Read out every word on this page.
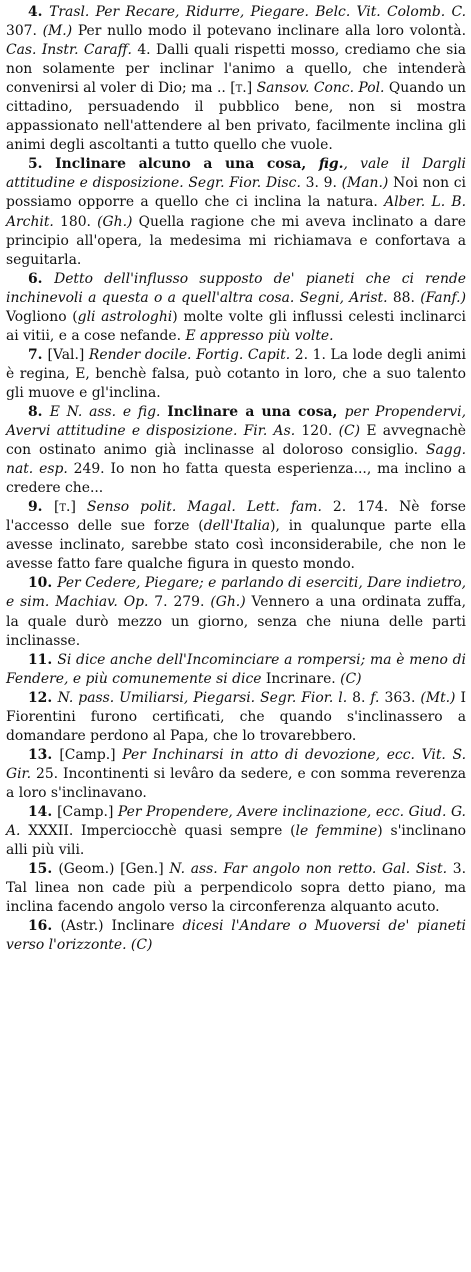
4. Trasl. Per Recare, Ridurre, Piegare. Belc. Vit. Colomb. C. 307. (M.) Per nullo modo il potevano inclinare alla loro volontà. Cas. Instr. Caraff. 4. Dalli quali rispetti mosso, crediamo che sia non solamente per inclinar l'animo a quello, che intenderà convenirsi al voler di Dio; ma .. [t.] Sansov. Conc. Pol. Quando un cittadino, persuadendo il pubblico bene, non si mostra appassionato nell'attendere al ben privato, facilmente inclina gli animi degli ascoltanti a tutto quello che vuole.

5. Inclinare alcuno a una cosa, fig., vale il Dargli attitudine e disposizione. Segr. Fior. Disc. 3. 9. (Man.) Noi non ci possiamo opporre a quello che ci inclina la natura. Alber. L. B. Archit. 180. (Gh.) Quella ragione che mi aveva inclinato a dare principio all'opera, la medesima mi richiamava e confortava a seguitarla.

6. Detto dell'influsso supposto de' pianeti che ci rende inchinevoli a questa o a quell'altra cosa. Segni, Arist. 88. (Fanf.) Vogliono (gli astrologhi) molte volte gli influssi celesti inclinarci ai vitii, e a cose nefande. E appresso più volte.

7. [Val.] Render docile. Fortig. Capit. 2. 1. La lode degli animi è regina, E, benchè falsa, può cotanto in loro, che a suo talento gli muove e gl'inclina.

8. E N. ass. e fig. Inclinare a una cosa, per Propendervi, Avervi attitudine e disposizione. Fir. As. 120. (C) E avvegnachè con ostinato animo già inclinasse al doloroso consiglio. Sagg. nat. esp. 249. Io non ho fatta questa esperienza..., ma inclino a credere che...

9. [t.] Senso polit. Magal. Lett. fam. 2. 174. Nè forse l'accesso delle sue forze (dell'Italia), in qualunque parte ella avesse inclinato, sarebbe stato così inconsiderabile, che non le avesse fatto fare qualche figura in questo mondo.

10. Per Cedere, Piegare; e parlando di eserciti, Dare indietro, e sim. Machiav. Op. 7. 279. (Gh.) Vennero a una ordinata zuffa, la quale durò mezzo un giorno, senza che niuna delle parti inclinasse.

11. Si dice anche dell'Incominciare a rompersi; ma è meno di Fendere, e più comunemente si dice Incrinare. (C)

12. N. pass. Umiliarsi, Piegarsi. Segr. Fior. l. 8. f. 363. (Mt.) I Fiorentini furono certificati, che quando s'inclinassero a domandare perdono al Papa, che lo trovarebbero.

13. [Camp.] Per Inchinarsi in atto di devozione, ecc. Vit. S. Gir. 25. Incontinenti si levâro da sedere, e con somma reverenza a loro s'inclinavano.

14. [Camp.] Per Propendere, Avere inclinazione, ecc. Giud. G. A. XXXII. Imperciocchè quasi sempre (le femmine) s'inclinano alli più vili.

15. (Geom.) [Gen.] N. ass. Far angolo non retto. Gal. Sist. 3. Tal linea non cade più a perpendicolo sopra detto piano, ma inclina facendo angolo verso la circonferenza alquanto acuto.

16. (Astr.) Inclinare dicesi l'Andare o Muoversi de' pianeti verso l'orizzonte. (C)
